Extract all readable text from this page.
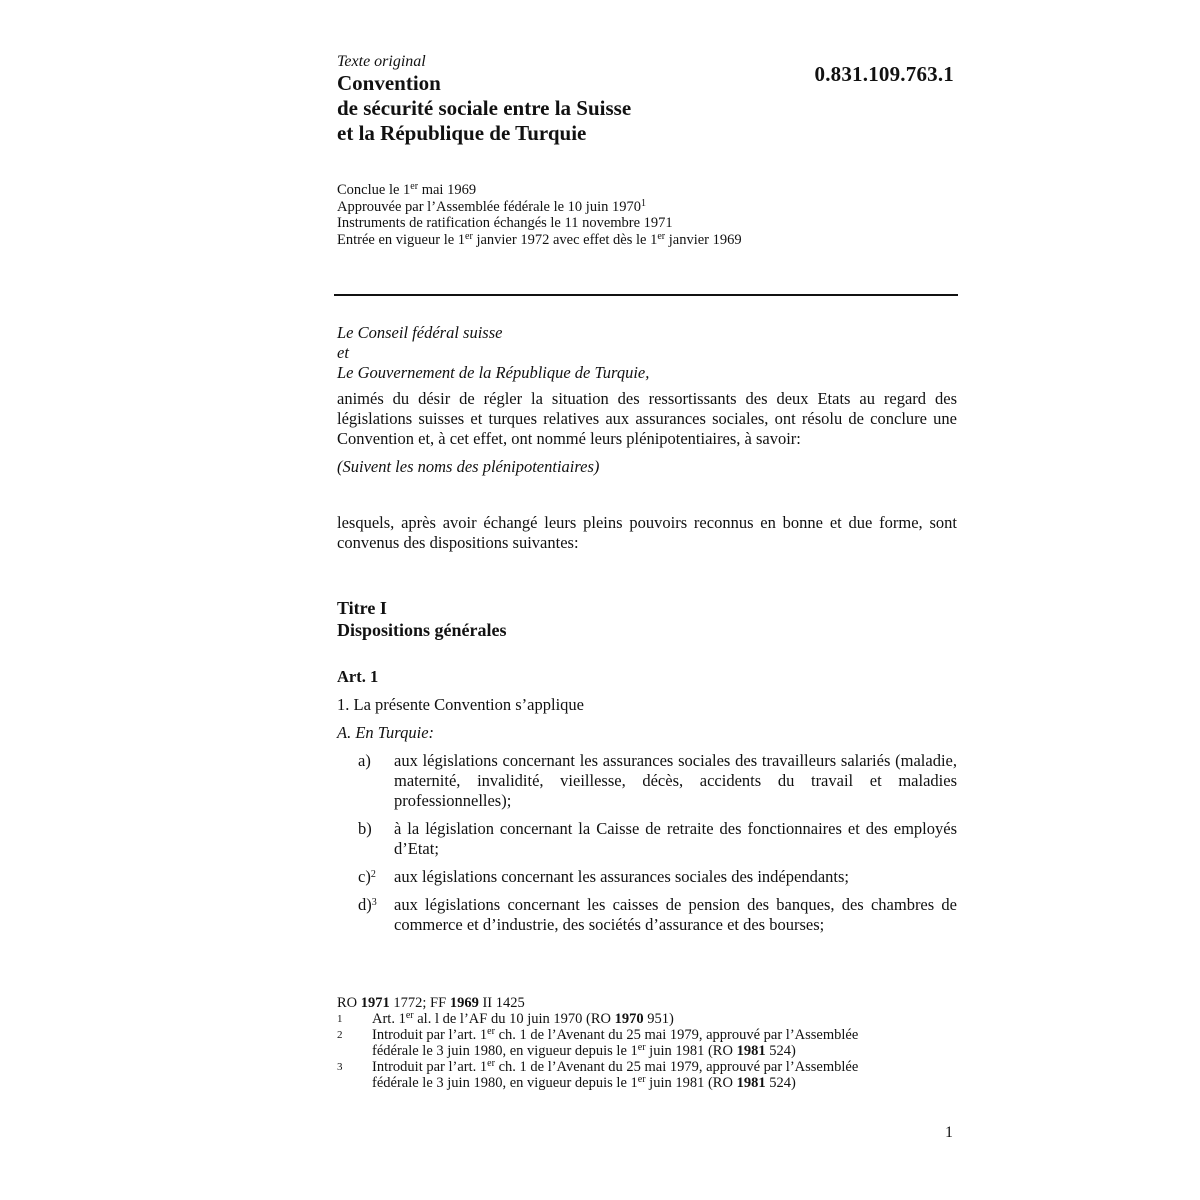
Texte original
Convention
de sécurité sociale entre la Suisse
et la République de Turquie
0.831.109.763.1
Conclue le 1er mai 1969
Approuvée par l’Assemblée fédérale le 10 juin 1970$^1$
Instruments de ratification échangés le 11 novembre 1971
Entrée en vigueur le 1er janvier 1972 avec effet dès le 1er janvier 1969
Le Conseil fédéral suisse
et
Le Gouvernement de la République de Turquie,
animés du désir de régler la situation des ressortissants des deux Etats au regard des législations suisses et turques relatives aux assurances sociales, ont résolu de conclure une Convention et, à cet effet, ont nommé leurs plénipotentiaires, à savoir:
(Suivent les noms des plénipotentiaires)
lesquels, après avoir échangé leurs pleins pouvoirs reconnus en bonne et due forme, sont convenus des dispositions suivantes:
Titre I
Dispositions générales
Art. 1
1. La présente Convention s’applique
A. En Turquie:
a)	aux législations concernant les assurances sociales des travailleurs salariés (maladie, maternité, invalidité, vieillesse, décès, accidents du travail et maladies professionnelles);
b)	à la législation concernant la Caisse de retraite des fonctionnaires et des employés d’Etat;
c)$^2$	aux législations concernant les assurances sociales des indépendants;
d)$^3$	aux législations concernant les caisses de pension des banques, des chambres de commerce et d’industrie, des sociétés d’assurance et des bourses;
RO 1971 1772; FF 1969 II 1425
1	Art. 1er al. l de l’AF du 10 juin 1970 (RO 1970 951)
2	Introduit par l’art. 1er ch. 1 de l’Avenant du 25 mai 1979, approuvé par l’Assemblée
fédérale le 3 juin 1980, en vigueur depuis le 1er juin 1981 (RO 1981 524)
3	Introduit par l’art. 1er ch. 1 de l’Avenant du 25 mai 1979, approuvé par l’Assemblée
fédérale le 3 juin 1980, en vigueur depuis le 1er juin 1981 (RO 1981 524)
1
